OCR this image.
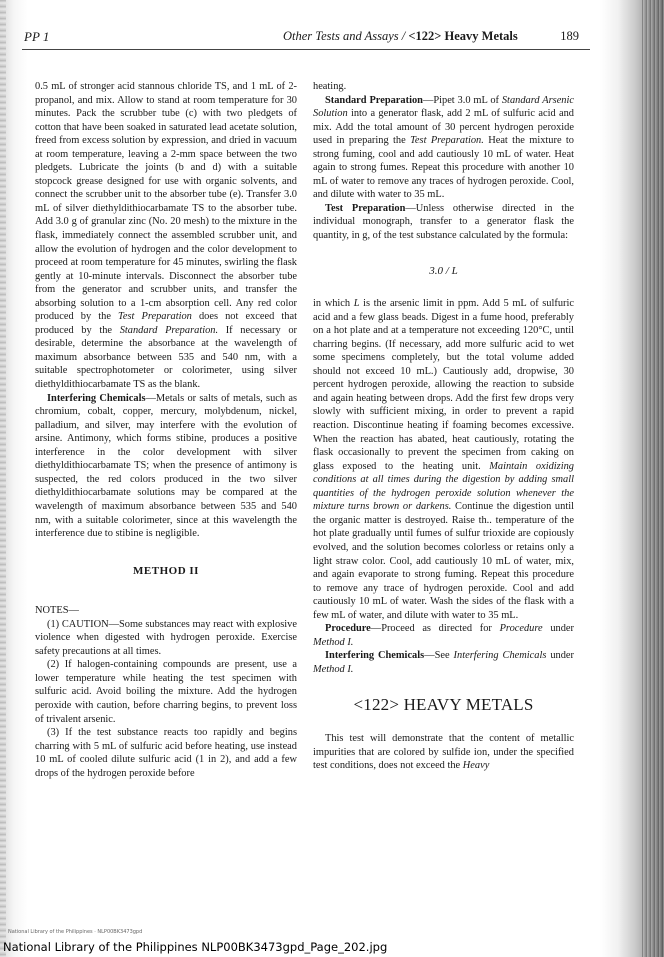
PP 1	Other Tests and Assays / <122> Heavy Metals	189

0.5 mL of stronger acid stannous chloride TS, and 1 mL of 2-propanol, and mix. Allow to stand at room temperature for 30 minutes. Pack the scrubber tube (c) with two pledgets of cotton that have been soaked in saturated lead acetate solution, freed from excess solution by expression, and dried in vacuum at room temperature, leaving a 2-mm space between the two pledgets. Lubricate the joints (b and d) with a suitable stopcock grease designed for use with organic solvents, and connect the scrubber unit to the absorber tube (e). Transfer 3.0 mL of silver diethyldithiocarbamate TS to the absorber tube. Add 3.0 g of granular zinc (No. 20 mesh) to the mixture in the flask, immediately connect the assembled scrubber unit, and allow the evolution of hydrogen and the color development to proceed at room temperature for 45 minutes, swirling the flask gently at 10-minute intervals. Disconnect the absorber tube from the generator and scrubber units, and transfer the absorbing solution to a 1-cm absorption cell. Any red color produced by the Test Preparation does not exceed that produced by the Standard Preparation. If necessary or desirable, determine the absorbance at the wavelength of maximum absorbance between 535 and 540 nm, with a suitable spectrophotometer or colorimeter, using silver diethyldithiocarbamate TS as the blank.

Interfering Chemicals—Metals or salts of metals, such as chromium, cobalt, copper, mercury, molybdenum, nickel, palladium, and silver, may interfere with the evolution of arsine. Antimony, which forms stibine, produces a positive interference in the color development with silver diethyldithiocarbamate TS; when the presence of antimony is suspected, the red colors produced in the two silver diethyldithiocarbamate solutions may be compared at the wavelength of maximum absorbance between 535 and 540 nm, with a suitable colorimeter, since at this wavelength the interference due to stibine is negligible.

METHOD II

NOTES—

(1) CAUTION—Some substances may react with explosive violence when digested with hydrogen peroxide. Exercise safety precautions at all times.

(2) If halogen-containing compounds are present, use a lower temperature while heating the test specimen with sulfuric acid. Avoid boiling the mixture. Add the hydrogen peroxide with caution, before charring begins, to prevent loss of trivalent arsenic.

(3) If the test substance reacts too rapidly and begins charring with 5 mL of sulfuric acid before heating, use instead 10 mL of cooled dilute sulfuric acid (1 in 2), and add a few drops of the hydrogen peroxide before

heating.

Standard Preparation—Pipet 3.0 mL of Standard Arsenic Solution into a generator flask, add 2 mL of sulfuric acid and mix. Add the total amount of 30 percent hydrogen peroxide used in preparing the Test Preparation. Heat the mixture to strong fuming, cool and add cautiously 10 mL of water. Heat again to strong fumes. Repeat this procedure with another 10 mL of water to remove any traces of hydrogen peroxide. Cool, and dilute with water to 35 mL.

Test Preparation—Unless otherwise directed in the individual monograph, transfer to a generator flask the quantity, in g, of the test substance calculated by the formula:

3.0 / L

in which L is the arsenic limit in ppm. Add 5 mL of sulfuric acid and a few glass beads. Digest in a fume hood, preferably on a hot plate and at a temperature not exceeding 120°C, until charring begins. (If necessary, add more sulfuric acid to wet some specimens completely, but the total volume added should not exceed 10 mL.) Cautiously add, dropwise, 30 percent hydrogen peroxide, allowing the reaction to subside and again heating between drops. Add the first few drops very slowly with sufficient mixing, in order to prevent a rapid reaction. Discontinue heating if foaming becomes excessive. When the reaction has abated, heat cautiously, rotating the flask occasionally to prevent the specimen from caking on glass exposed to the heating unit. Maintain oxidizing conditions at all times during the digestion by adding small quantities of the hydrogen peroxide solution whenever the mixture turns brown or darkens. Continue the digestion until the organic matter is destroyed. Raise th.. temperature of the hot plate gradually until fumes of sulfur trioxide are copiously evolved, and the solution becomes colorless or retains only a light straw color. Cool, add cautiously 10 mL of water, mix, and again evaporate to strong fuming. Repeat this procedure to remove any trace of hydrogen peroxide. Cool and add cautiously 10 mL of water. Wash the sides of the flask with a few mL of water, and dilute with water to 35 mL.

Procedure—Proceed as directed for Procedure under Method I.

Interfering Chemicals—See Interfering Chemicals under Method I.

<122> HEAVY METALS

This test will demonstrate that the content of metallic impurities that are colored by sulfide ion, under the specified test conditions, does not exceed the Heavy

National Library of the Philippines · NLP00BK3473gpd
National Library of the Philippines NLP00BK3473gpd_Page_202.jpg
